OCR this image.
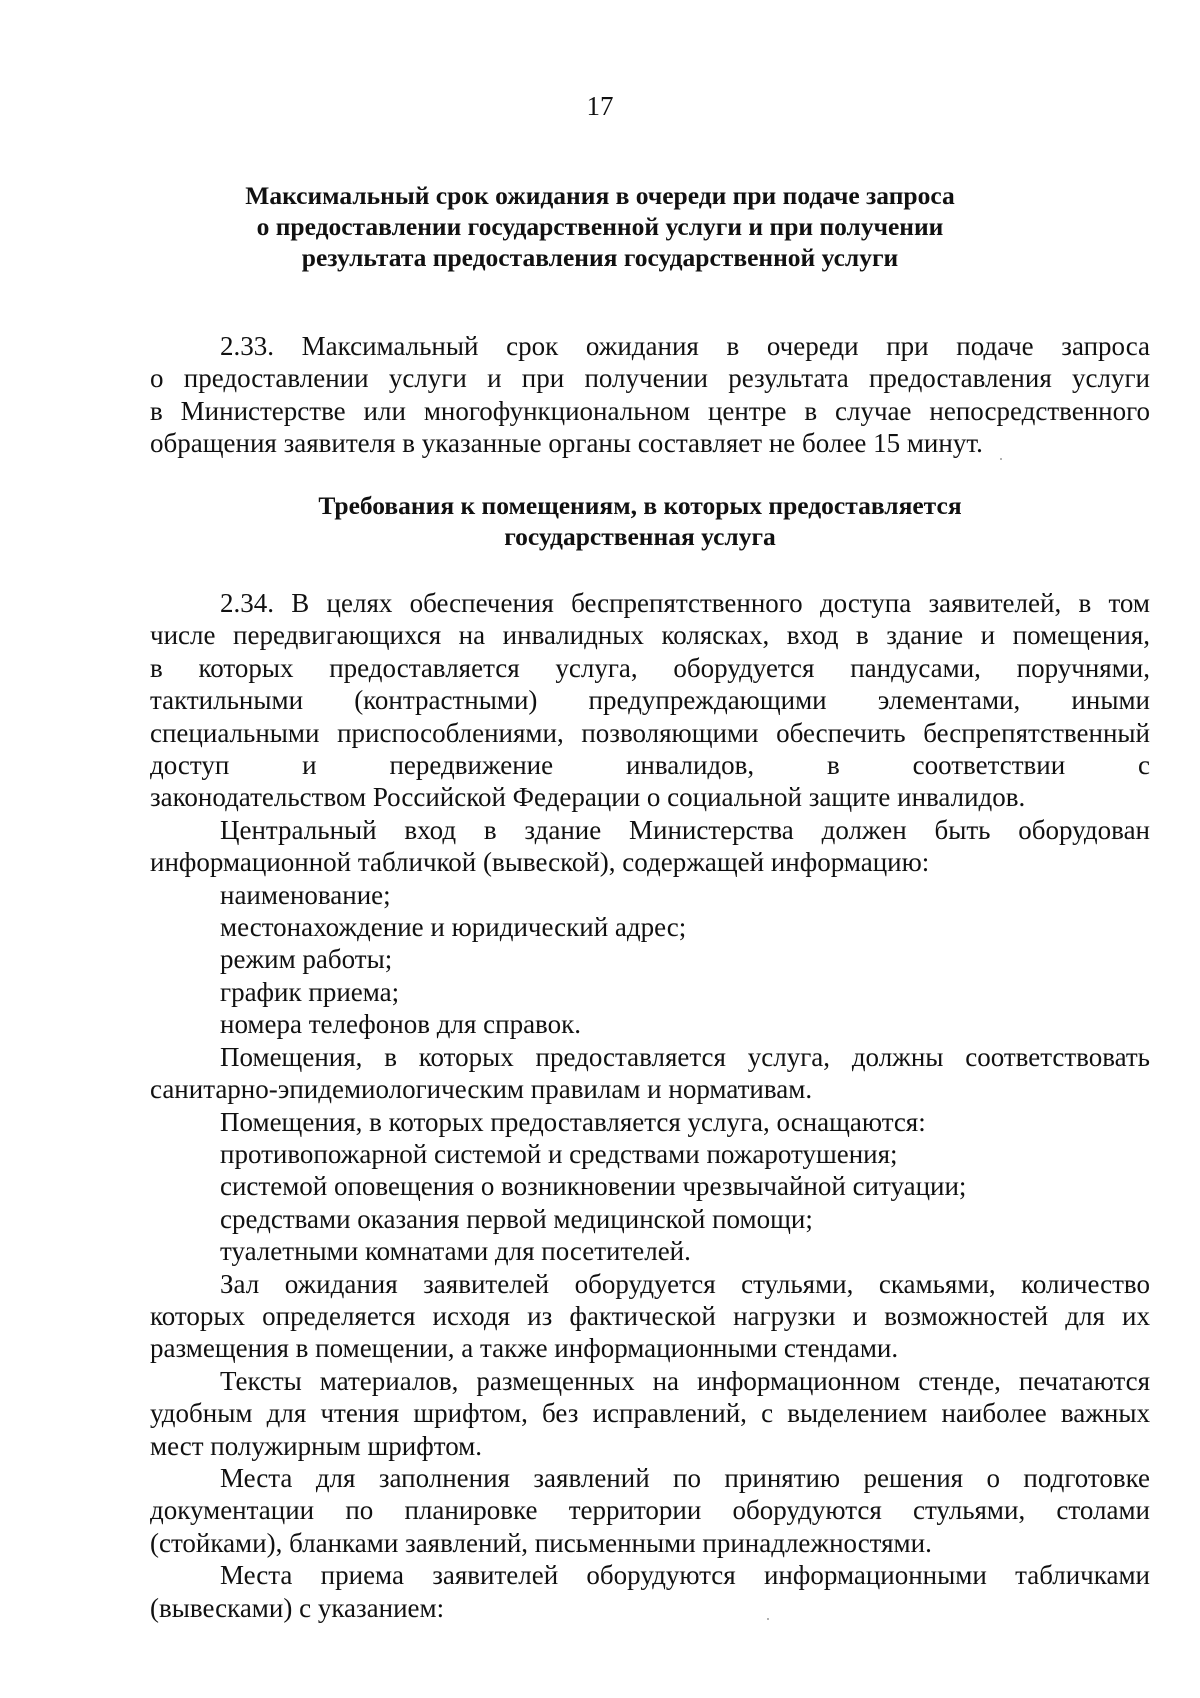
17
Максимальный срок ожидания в очереди при подаче запроса
о предоставлении государственной услуги и при получении
результата предоставления государственной услуги

2.33. Максимальный срок ожидания в очереди при подаче запроса
о предоставлении услуги и при получении результата предоставления услуги
в Министерстве или многофункциональном центре в случае непосредственного
обращения заявителя в указанные органы составляет не более 15 минут.

Требования к помещениям, в которых предоставляется
государственная услуга

2.34. В целях обеспечения беспрепятственного доступа заявителей, в том
числе передвигающихся на инвалидных колясках, вход в здание и помещения,
в которых предоставляется услуга, оборудуется пандусами, поручнями,
тактильными (контрастными) предупреждающими элементами, иными
специальными приспособлениями, позволяющими обеспечить беспрепятственный
доступ и передвижение инвалидов, в соответствии с
законодательством Российской Федерации о социальной защите инвалидов.

Центральный вход в здание Министерства должен быть оборудован
информационной табличкой (вывеской), содержащей информацию:

наименование;

местонахождение и юридический адрес;

режим работы;

график приема;

номера телефонов для справок.

Помещения, в которых предоставляется услуга, должны соответствовать
санитарно-эпидемиологическим правилам и нормативам.

Помещения, в которых предоставляется услуга, оснащаются:

противопожарной системой и средствами пожаротушения;

системой оповещения о возникновении чрезвычайной ситуации;

средствами оказания первой медицинской помощи;

туалетными комнатами для посетителей.

Зал ожидания заявителей оборудуется стульями, скамьями, количество
которых определяется исходя из фактической нагрузки и возможностей для их
размещения в помещении, а также информационными стендами.

Тексты материалов, размещенных на информационном стенде, печатаются
удобным для чтения шрифтом, без исправлений, с выделением наиболее важных
мест полужирным шрифтом.

Места для заполнения заявлений по принятию решения о подготовке
документации по планировке территории оборудуются стульями, столами
(стойками), бланками заявлений, письменными принадлежностями.

Места приема заявителей оборудуются информационными табличками
(вывесками) с указанием:
